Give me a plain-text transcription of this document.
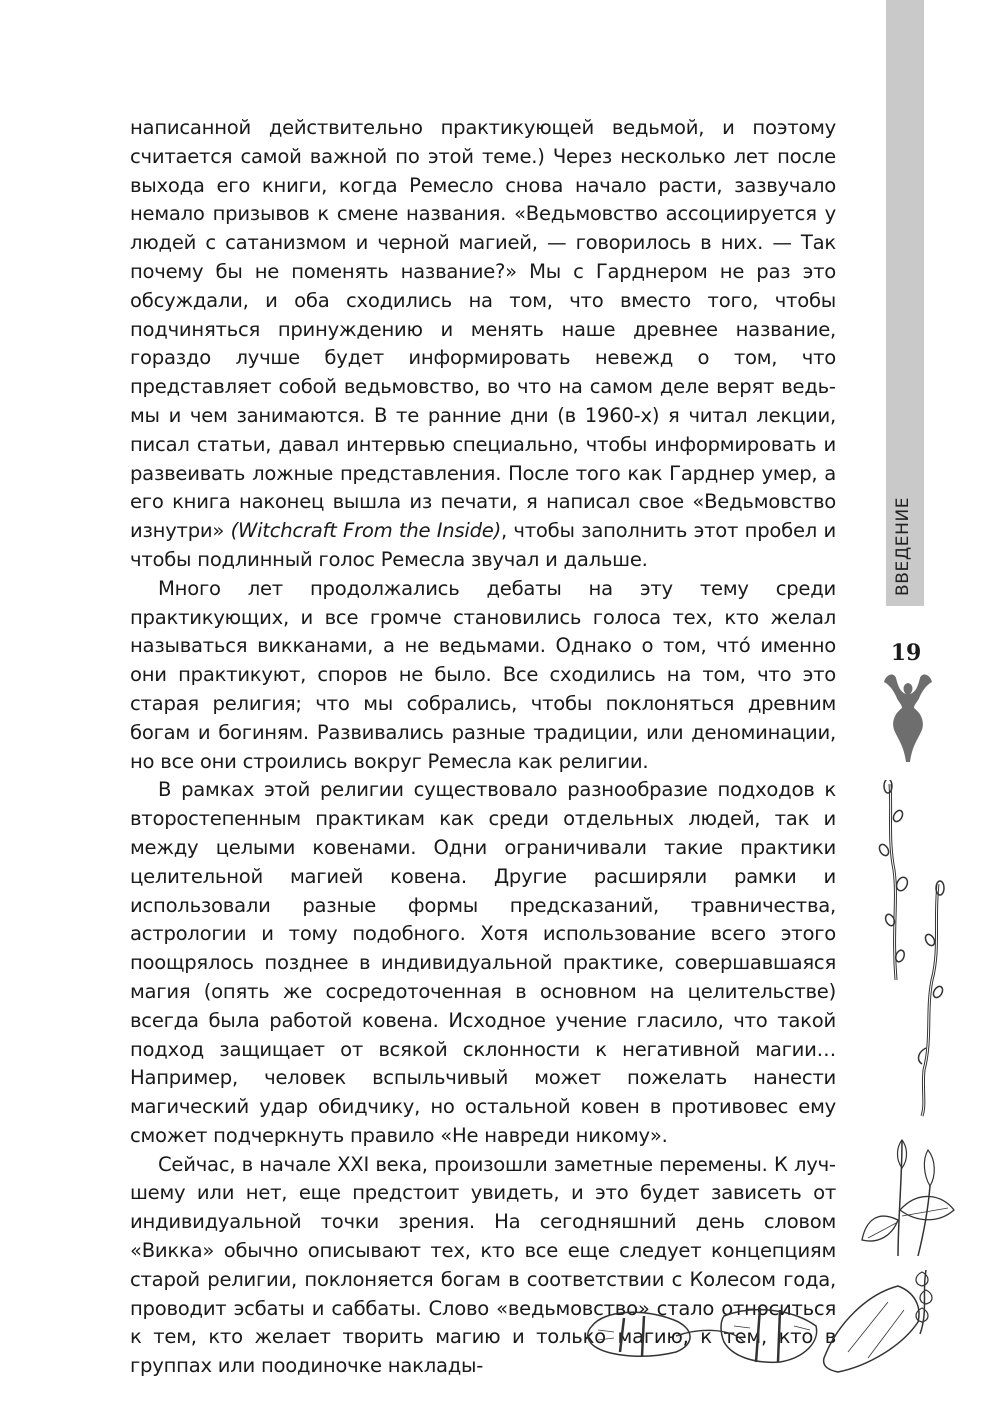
ВВЕДЕНИЕ
19

написанной действительно практикующей ведьмой, и поэтому считается самой важной по этой теме.) Через несколько лет после выхода его книги, когда Ремесло снова начало расти, зазвучало немало призывов к смене названия. «Ведьмовство ассоциируется у людей с сатанизмом и черной магией, — говорилось в них. — Так почему бы не поменять название?» Мы с Гарднером не раз это обсуждали, и оба сходились на том, что вместо того, чтобы подчиняться принуждению и менять наше древнее название, гораздо лучше будет информировать невежд о том, что представляет собой ведьмовство, во что на самом деле верят ведьмы и чем занимаются. В те ранние дни (в 1960-х) я читал лекции, писал статьи, давал интервью специально, чтобы информировать и развеивать ложные представления. После того как Гарднер умер, а его книга наконец вышла из печати, я написал свое «Ведьмовство изнутри» (Witchcraft From the Inside), чтобы заполнить этот пробел и чтобы подлинный голос Ремесла звучал и дальше.

Много лет продолжались дебаты на эту тему среди практикующих, и все громче становились голоса тех, кто желал называться викканами, а не ведьмами. Однако о том, что́ именно они практикуют, споров не было. Все сходились на том, что это старая религия; что мы собрались, чтобы поклоняться древним богам и богиням. Развивались разные традиции, или деноминации, но все они строились вокруг Ремесла как религии.

В рамках этой религии существовало разнообразие подходов к второстепенным практикам как среди отдельных людей, так и между целыми ковенами. Одни ограничивали такие практики целительной магией ковена. Другие расширяли рамки и использовали разные формы предсказаний, травничества, астрологии и тому подобного. Хотя использование всего этого поощрялось позднее в индивидуальной практике, совершавшаяся магия (опять же сосредоточенная в основном на целительстве) всегда была работой ковена. Исходное учение гласило, что такой подход защищает от всякой склонности к негативной магии… Например, человек вспыльчивый может пожелать нанести магический удар обидчику, но остальной ковен в противовес ему сможет подчеркнуть правило «Не навреди никому».

Сейчас, в начале XXI века, произошли заметные перемены. К лучшему или нет, еще предстоит увидеть, и это будет зависеть от индивидуальной точки зрения. На сегодняшний день словом «Викка» обычно описывают тех, кто все еще следует концепциям старой религии, поклоняется богам в соответствии с Колесом года, проводит эсбаты и саббаты. Слово «ведьмовство» стало относиться к тем, кто желает творить магию и только магию, к тем, кто в группах или поодиночке наклады-
